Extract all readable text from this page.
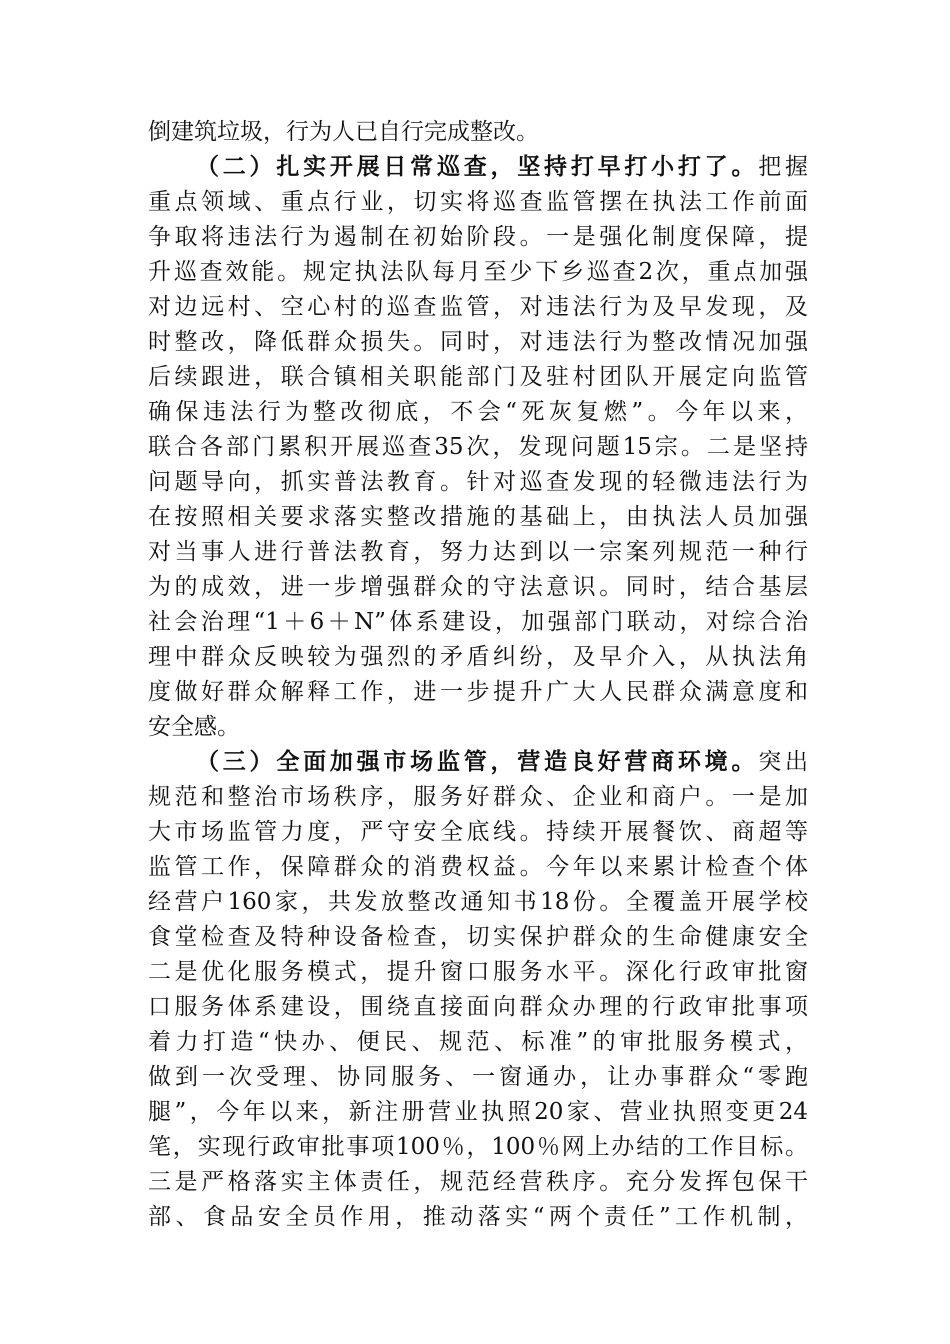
倒建筑垃圾，行为人已自行完成整改。
（二）扎实开展日常巡查，坚持打早打小打了。把握
重点领域、重点行业，切实将巡查监管摆在执法工作前面
争取将违法行为遏制在初始阶段。一是强化制度保障，提
升巡查效能。规定执法队每月至少下乡巡查2次，重点加强
对边远村、空心村的巡查监管，对违法行为及早发现，及
时整改，降低群众损失。同时，对违法行为整改情况加强
后续跟进，联合镇相关职能部门及驻村团队开展定向监管
确保违法行为整改彻底，不会“死灰复燃”。今年以来，
联合各部门累积开展巡查35次，发现问题15宗。二是坚持
问题导向，抓实普法教育。针对巡查发现的轻微违法行为
在按照相关要求落实整改措施的基础上，由执法人员加强
对当事人进行普法教育，努力达到以一宗案列规范一种行
为的成效，进一步增强群众的守法意识。同时，结合基层
社会治理“1＋6＋N”体系建设，加强部门联动，对综合治
理中群众反映较为强烈的矛盾纠纷，及早介入，从执法角
度做好群众解释工作，进一步提升广大人民群众满意度和
安全感。
（三）全面加强市场监管，营造良好营商环境。突出
规范和整治市场秩序，服务好群众、企业和商户。一是加
大市场监管力度，严守安全底线。持续开展餐饮、商超等
监管工作，保障群众的消费权益。今年以来累计检查个体
经营户160家，共发放整改通知书18份。全覆盖开展学校
食堂检查及特种设备检查，切实保护群众的生命健康安全
二是优化服务模式，提升窗口服务水平。深化行政审批窗
口服务体系建设，围绕直接面向群众办理的行政审批事项
着力打造“快办、便民、规范、标准”的审批服务模式，
做到一次受理、协同服务、一窗通办，让办事群众“零跑
腿”，今年以来，新注册营业执照20家、营业执照变更24
笔，实现行政审批事项100％，100％网上办结的工作目标。
三是严格落实主体责任，规范经营秩序。充分发挥包保干
部、食品安全员作用，推动落实“两个责任”工作机制，
